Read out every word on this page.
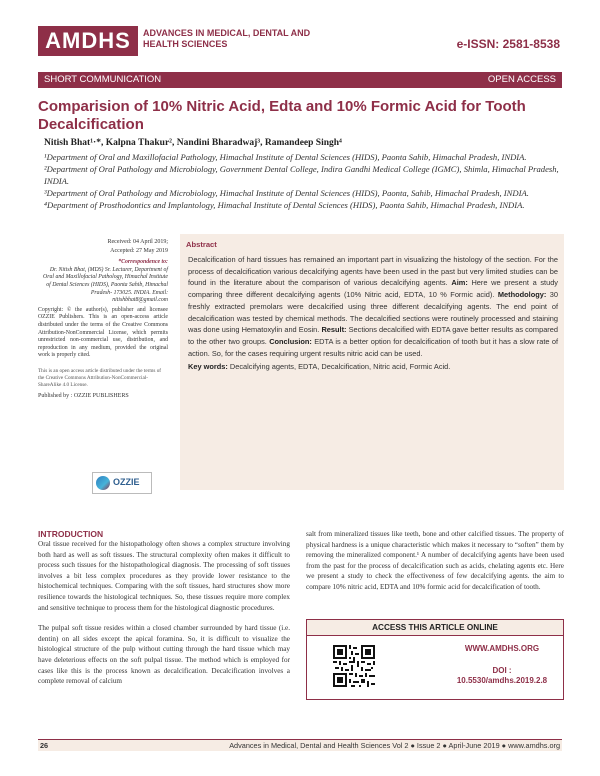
AMDHS	ADVANCES IN MEDICAL, DENTAL AND HEALTH SCIENCES	e-ISSN: 2581-8538
SHORT COMMUNICATION	OPEN ACCESS
Comparision of 10% Nitric Acid, Edta and 10% Formic Acid for Tooth Decalcification
Nitish Bhat¹·*, Kalpna Thakur², Nandini Bharadwaj³, Ramandeep Singh⁴

¹Department of Oral and Maxillofacial Pathology, Himachal Institute of Dental Sciences (HIDS), Paonta Sahib, Himachal Pradesh, INDIA.

²Department of Oral Pathology and Microbiology, Government Dental College, Indira Gandhi Medical College (IGMC), Shimla, Himachal Pradesh, INDIA.

³Department of Oral Pathology and Microbiology, Himachal Institute of Dental Sciences (HIDS), Paonta, Sahib, Himachal Pradesh, INDIA.

⁴Department of Prosthodontics and Implantology, Himachal Institute of Dental Sciences (HIDS), Paonta Sahib, Himachal Pradesh, INDIA.

Received: 04 April 2019;
Accepted: 27 May 2019
*Correspondence to:
Dr. Nitish Bhat, (MDS) Sr. Lecturer, Department of Oral and Maxillofacial Pathology, Himachal Institute of Dental Sciences (HIDS), Paonta Sahib, Himachal Pradesh- 173025. INDIA. Email: nitishbhat8@gmail.com
Copyright: © the author(s), publisher and licensee OZZIE Publishers. This is an open-access article distributed under the terms of the Creative Commons Attribution-NonCommercial License, which permits unrestricted non-commercial use, distribution, and reproduction in any medium, provided the original work is properly cited.
This is an open access article distributed under the terms of the Creative Commons Attribution-NonCommercial-ShareAlike 4.0 License.
Published by : OZZIE PUBLISHERS
OZZIE
Abstract
Decalcification of hard tissues has remained an important part in visualizing the histology of the section. For the process of decalcification various decalcifying agents have been used in the past but very limited studies can be found in the literature about the comparison of various decalcifying agents. Aim: Here we present a study comparing three different decalcifying agents (10% Nitric acid, EDTA, 10 % Formic acid). Methodology: 30 freshly extracted premolars were decalcified using three different decalcifying agents. The end point of decalcification was tested by chemical methods. The decalcified sections were routinely processed and staining was done using Hematoxylin and Eosin. Result: Sections decalcified with EDTA gave better results as compared to the other two groups. Conclusion: EDTA is a better option for decalcification of tooth but it has a slow rate of action. So, for the cases requiring urgent results nitric acid can be used.
Key words: Decalcifying agents, EDTA, Decalcification, Nitric acid, Formic Acid.
INTRODUCTION

Oral tissue received for the histopathology often shows a complex structure involving both hard as well as soft tissues. The structural complexity often makes it difficult to process such tissues for the histopathological diagnosis. The processing of soft tissues involves a bit less complex procedures as they provide lower resistance to the histochemical techniques. Comparing with the soft tissues, hard structures show more resilience towards the histological techniques. So, these tissues require more complex and sensitive technique to process them for the histological diagnostic procedures.

The pulpal soft tissue resides within a closed chamber surrounded by hard tissue (i.e. dentin) on all sides except the apical foramina. So, it is difficult to visualize the histological structure of the pulp without cutting through the hard tissue which may have deleterious effects on the soft pulpal tissue. The method which is employed for cases like this is the process known as decalcification. Decalcification involves a complete removal of calcium

salt from mineralized tissues like teeth, bone and other calcified tissues. The property of physical hardness is a unique characteristic which makes it necessary to “soften” them by removing the mineralized component.¹ A number of decalcifying agents have been used from the past for the process of decalcification such as acids, chelating agents etc. Here we present a study to check the effectiveness of few decalcifying agents. the aim to compare 10% nitric acid, EDTA and 10% formic acid for decalcification of tooth.

ACCESS THIS ARTICLE ONLINE
WWW.AMDHS.ORG
DOI :
10.5530/amdhs.2019.2.8
26	Advances in Medical, Dental and Health Sciences Vol 2 ● Issue 2 ● April-June 2019 ● www.amdhs.org
